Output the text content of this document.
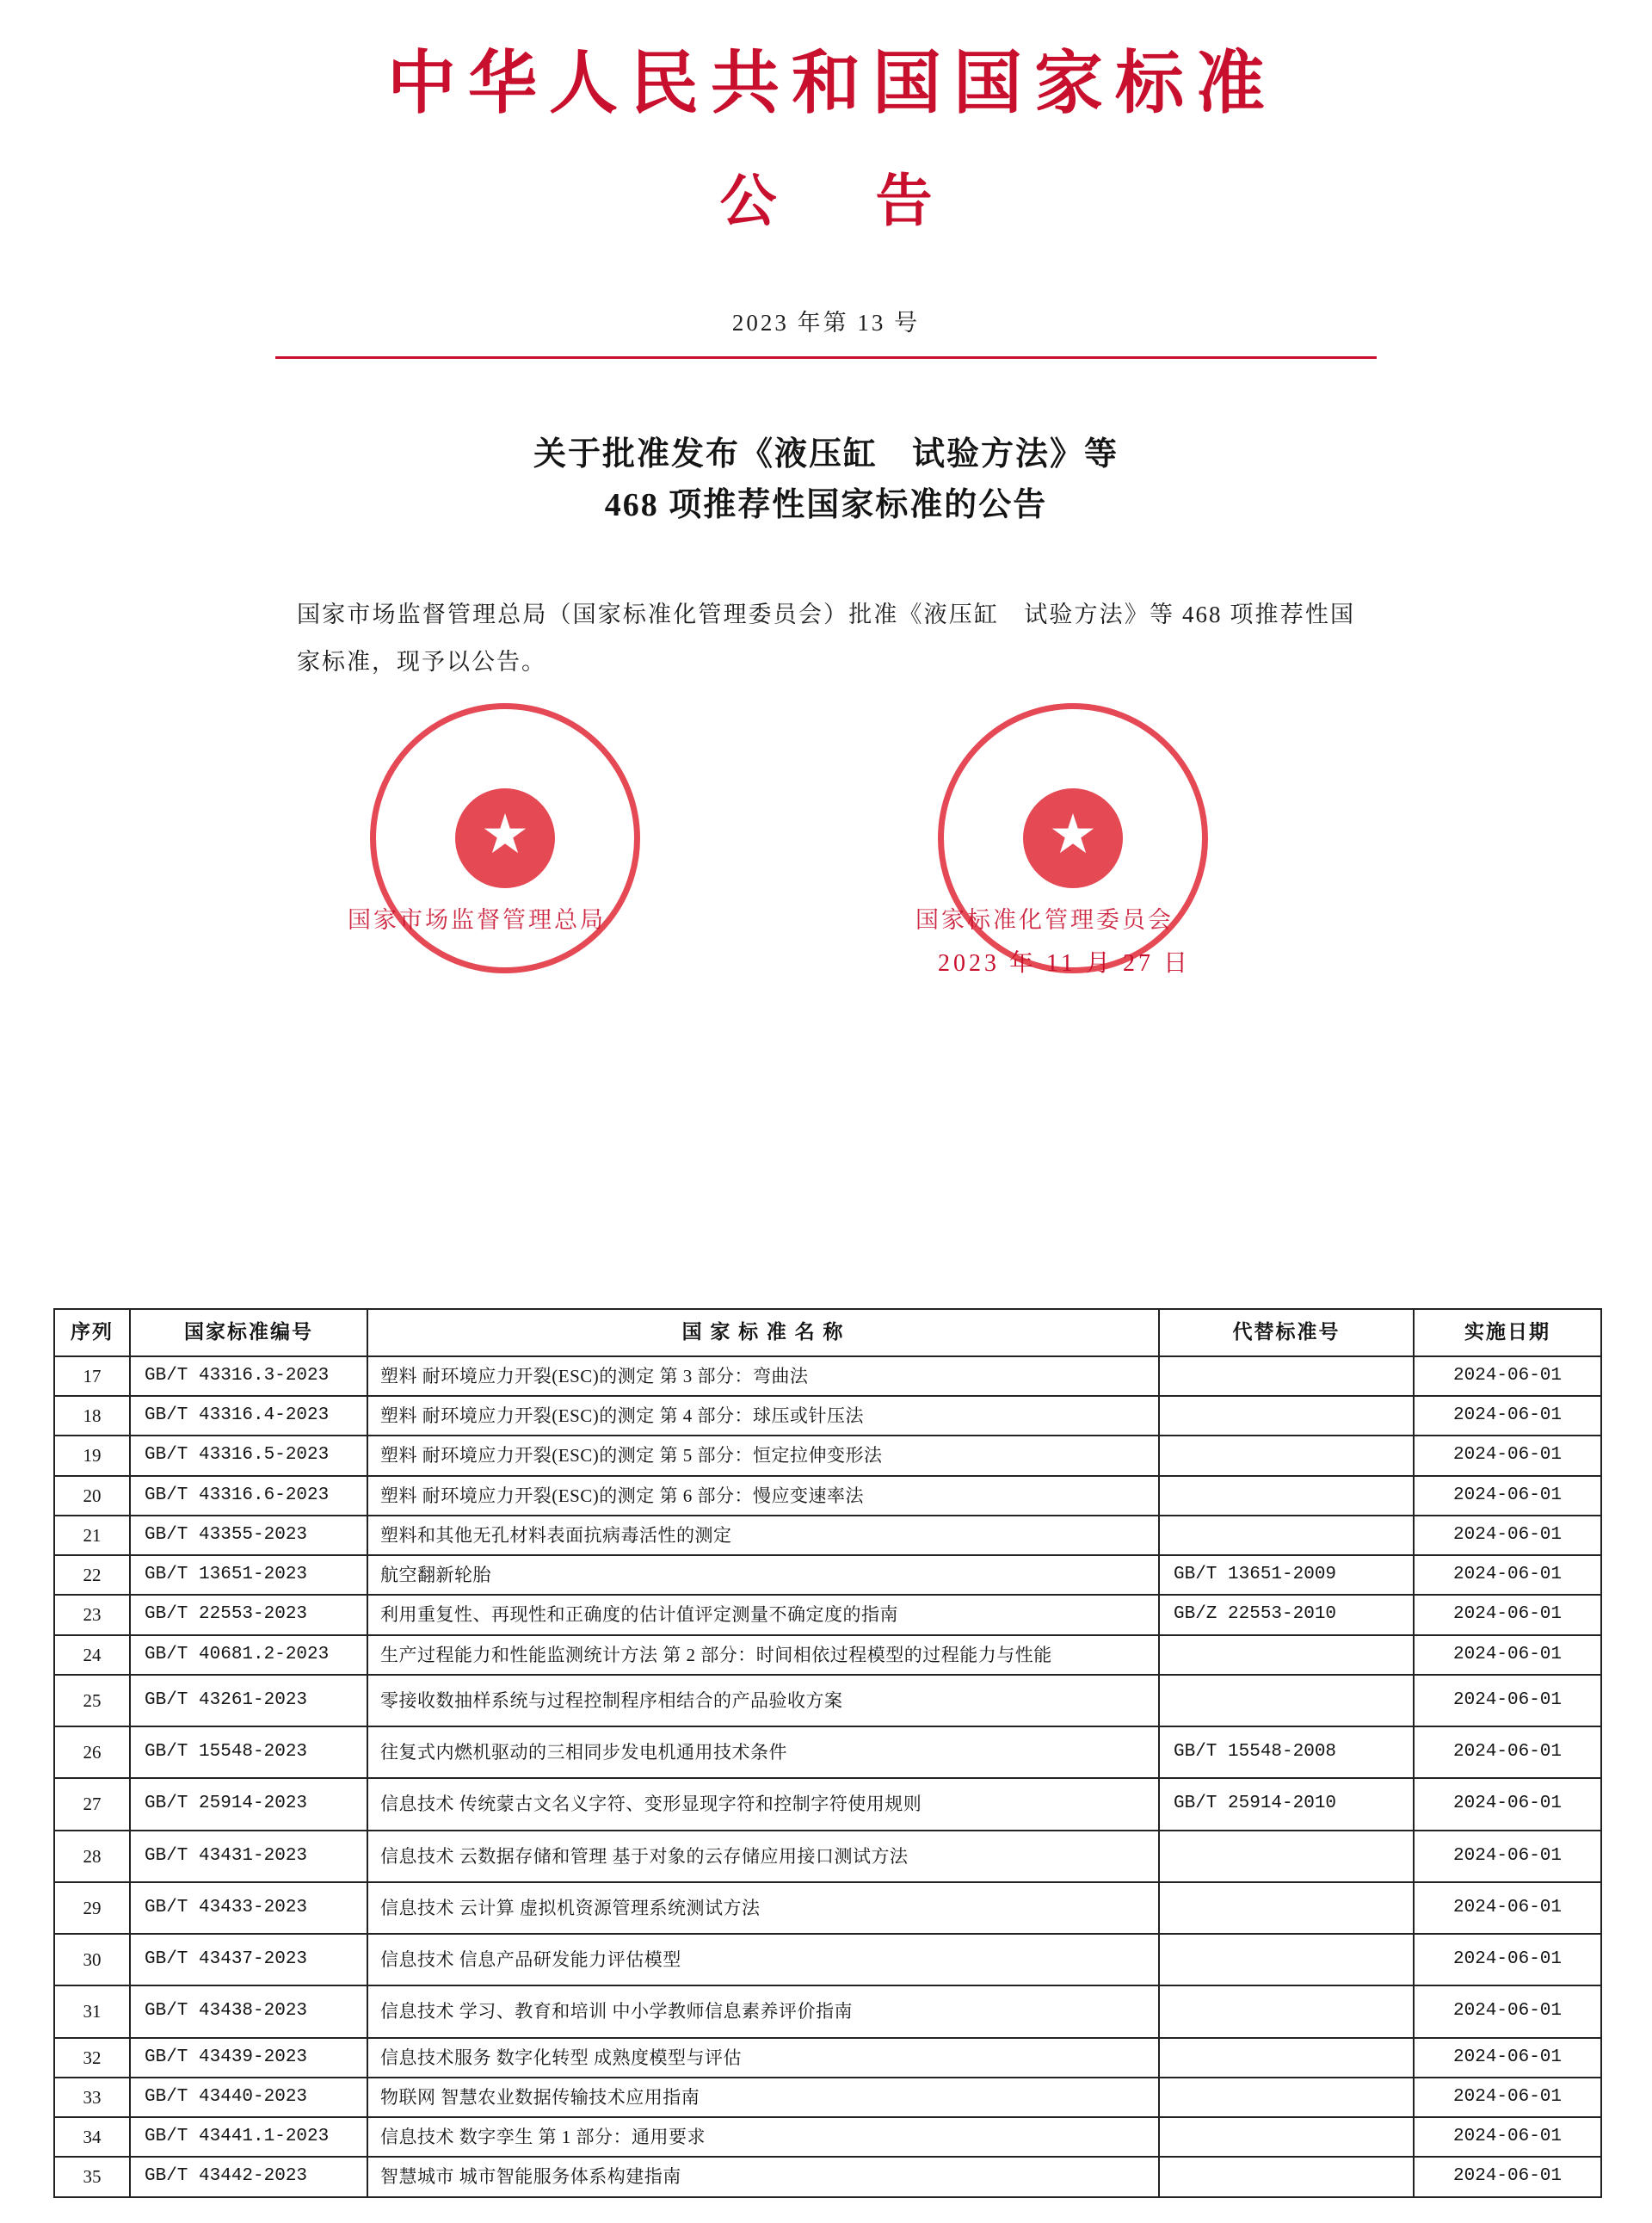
中华人民共和国国家标准
公 告
2023 年第 13 号
关于批准发布《液压缸　试验方法》等
468 项推荐性国家标准的公告
国家市场监督管理总局（国家标准化管理委员会）批准《液压缸　试验方法》等 468 项推荐性国家标准，现予以公告。
★
★
国家市场监督管理总局	国家标准化管理委员会
2023 年 11 月 27 日
序列	国家标准编号	国 家 标 准 名 称	代替标准号	实施日期
17	GB/T 43316.3-2023	塑料 耐环境应力开裂(ESC)的测定 第 3 部分：弯曲法		2024-06-01
18	GB/T 43316.4-2023	塑料 耐环境应力开裂(ESC)的测定 第 4 部分：球压或针压法		2024-06-01
19	GB/T 43316.5-2023	塑料 耐环境应力开裂(ESC)的测定 第 5 部分：恒定拉伸变形法		2024-06-01
20	GB/T 43316.6-2023	塑料 耐环境应力开裂(ESC)的测定 第 6 部分：慢应变速率法		2024-06-01
21	GB/T 43355-2023	塑料和其他无孔材料表面抗病毒活性的测定		2024-06-01
22	GB/T 13651-2023	航空翻新轮胎	GB/T 13651-2009	2024-06-01
23	GB/T 22553-2023	利用重复性、再现性和正确度的估计值评定测量不确定度的指南	GB/Z 22553-2010	2024-06-01
24	GB/T 40681.2-2023	生产过程能力和性能监测统计方法 第 2 部分：时间相依过程模型的过程能力与性能		2024-06-01
25	GB/T 43261-2023	零接收数抽样系统与过程控制程序相结合的产品验收方案		2024-06-01
26	GB/T 15548-2023	往复式内燃机驱动的三相同步发电机通用技术条件	GB/T 15548-2008	2024-06-01
27	GB/T 25914-2023	信息技术 传统蒙古文名义字符、变形显现字符和控制字符使用规则	GB/T 25914-2010	2024-06-01
28	GB/T 43431-2023	信息技术 云数据存储和管理 基于对象的云存储应用接口测试方法		2024-06-01
29	GB/T 43433-2023	信息技术 云计算 虚拟机资源管理系统测试方法		2024-06-01
30	GB/T 43437-2023	信息技术 信息产品研发能力评估模型		2024-06-01
31	GB/T 43438-2023	信息技术 学习、教育和培训 中小学教师信息素养评价指南		2024-06-01
32	GB/T 43439-2023	信息技术服务 数字化转型 成熟度模型与评估		2024-06-01
33	GB/T 43440-2023	物联网 智慧农业数据传输技术应用指南		2024-06-01
34	GB/T 43441.1-2023	信息技术 数字孪生 第 1 部分：通用要求		2024-06-01
35	GB/T 43442-2023	智慧城市 城市智能服务体系构建指南		2024-06-01
